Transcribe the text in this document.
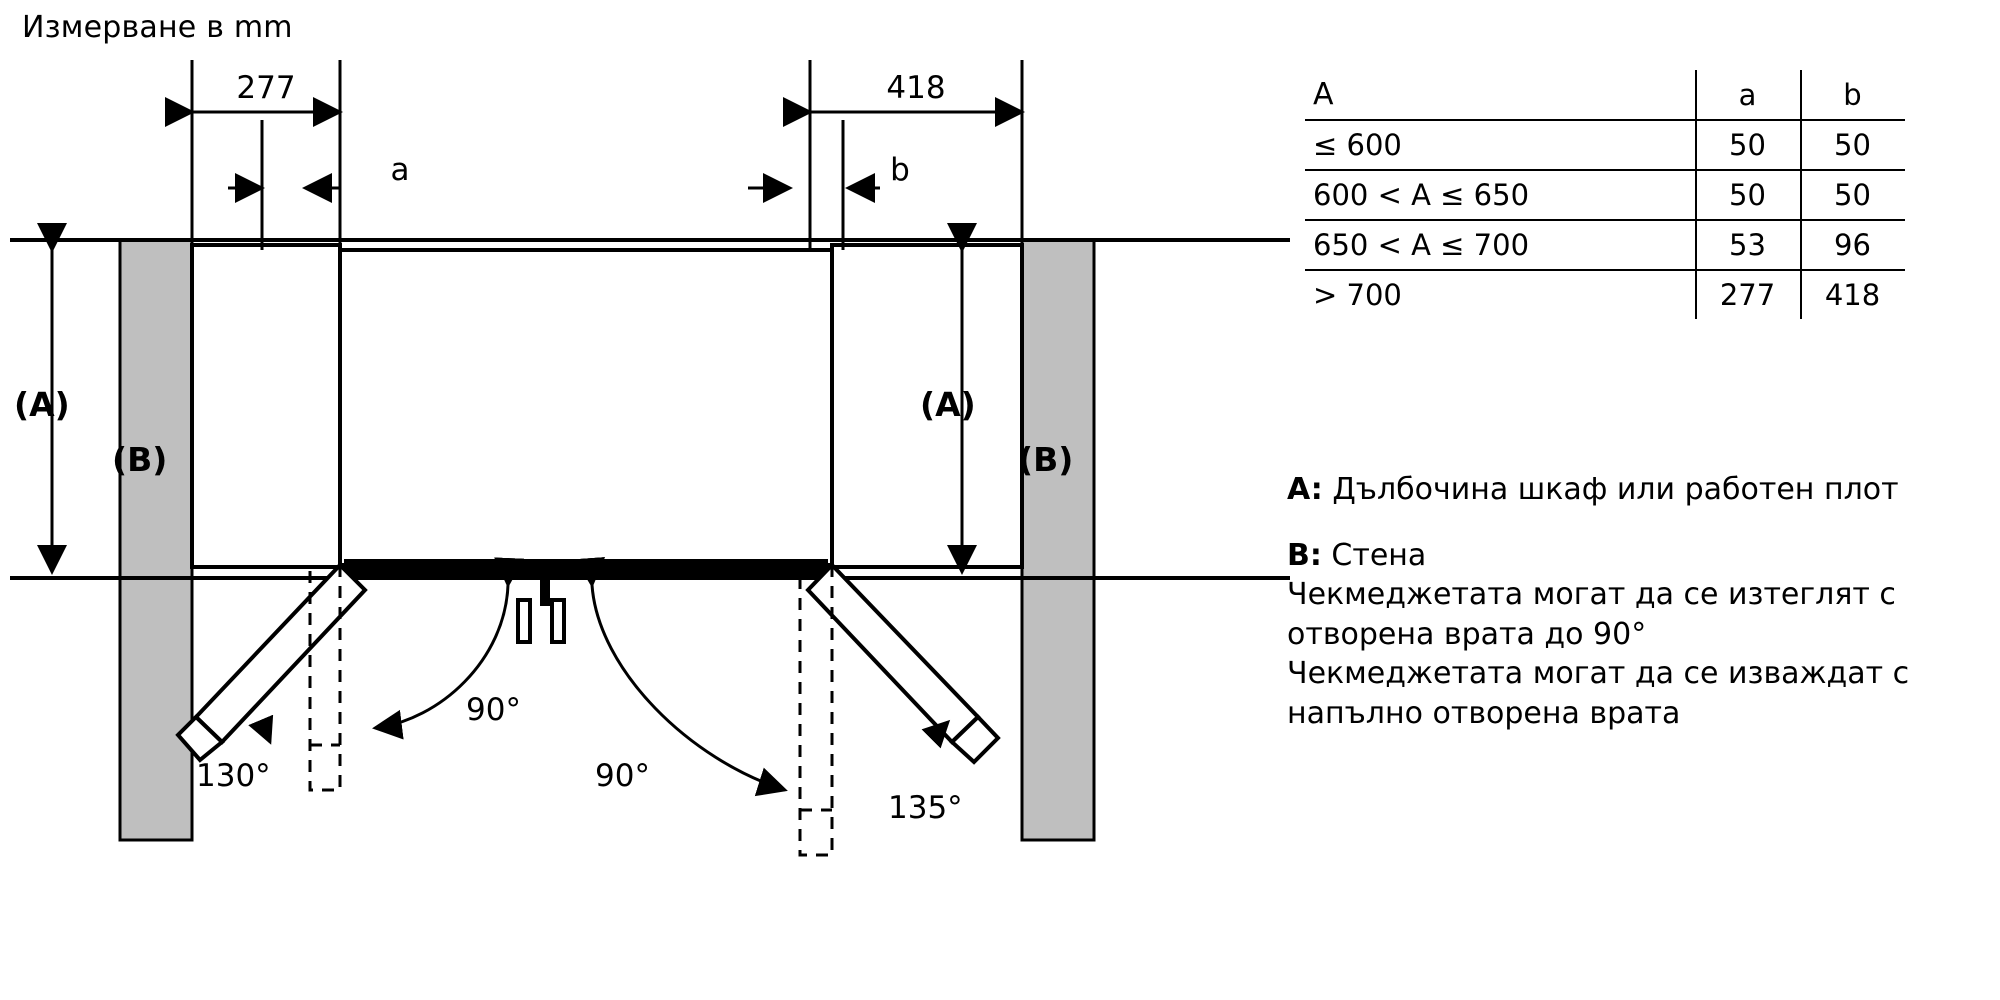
Измерване в mm
277
a
418
b
(A)
(B)
(A)
(B)
130°
90°
90°
135°
A	a	b
≤ 600	50	50
600 < A ≤ 650	50	50
650 < A ≤ 700	53	96
> 700	277	418

A: Дълбочина шкаф или работен плот

B: Стена

Чекмеджетата могат да се изтеглят с отворена врата до 90°

Чекмеджетата могат да се изваждат с напълно отворена врата
